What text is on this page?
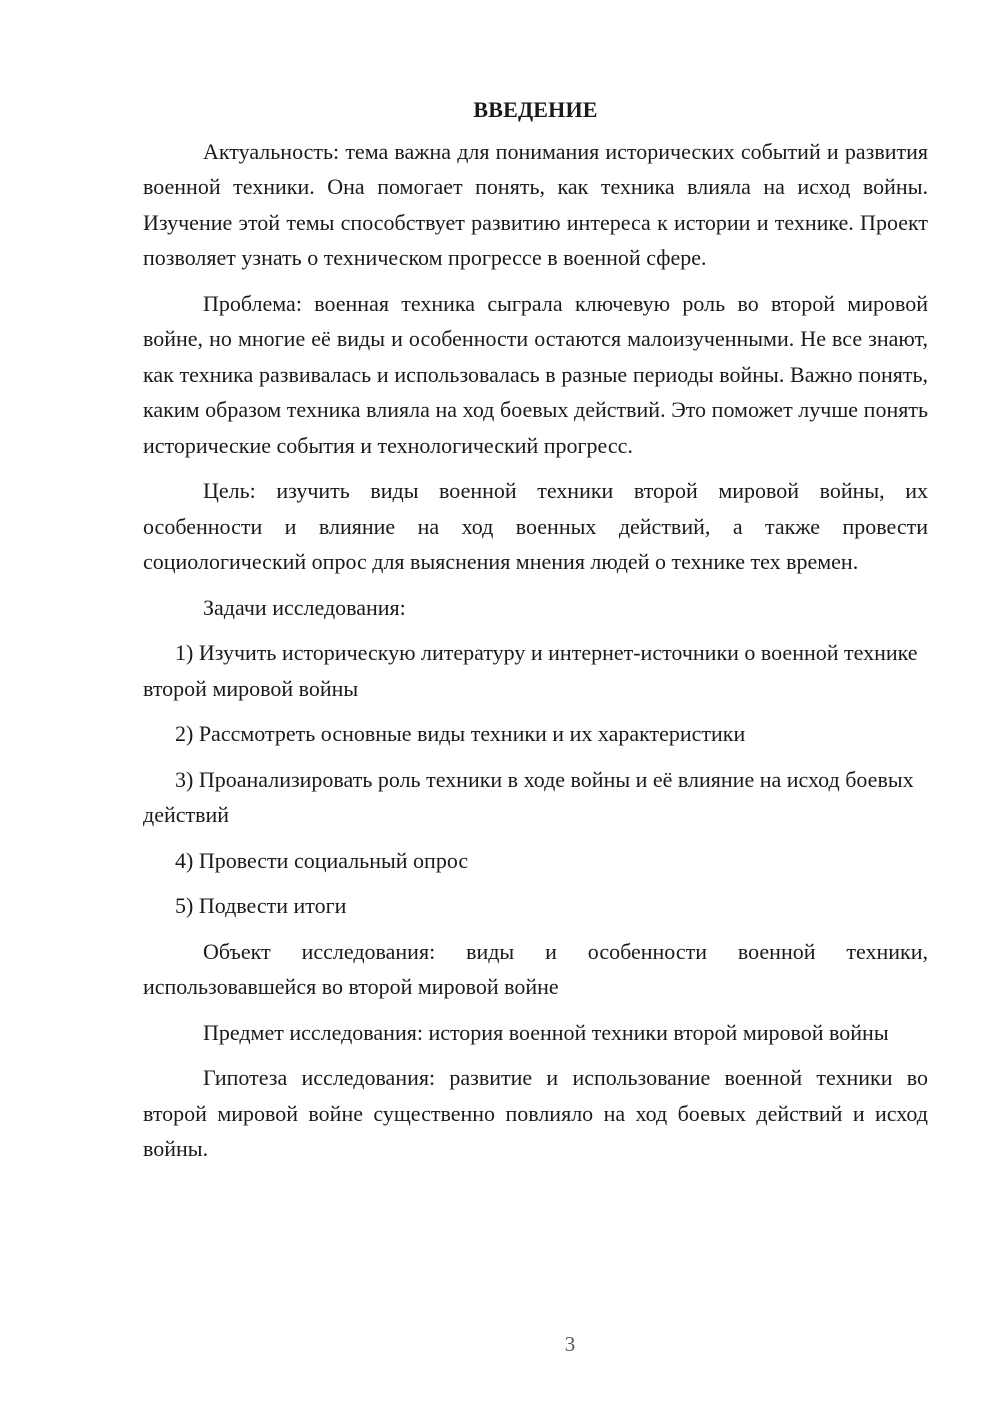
ВВЕДЕНИЕ

Актуальность: тема важна для понимания исторических событий и развития военной техники. Она помогает понять, как техника влияла на исход войны. Изучение этой темы способствует развитию интереса к истории и технике. Проект позволяет узнать о техническом прогрессе в военной сфере.

Проблема: военная техника сыграла ключевую роль во второй мировой войне, но многие её виды и особенности остаются малоизученными. Не все знают, как техника развивалась и использовалась в разные периоды войны. Важно понять, каким образом техника влияла на ход боевых действий. Это поможет лучше понять исторические события и технологический прогресс.

Цель: изучить виды военной техники второй мировой войны, их особенности и влияние на ход военных действий, а также провести социологический опрос для выяснения мнения людей о технике тех времен.

Задачи исследования:

1) Изучить историческую литературу и интернет-источники о военной технике второй мировой войны

2) Рассмотреть основные виды техники и их характеристики

3) Проанализировать роль техники в ходе войны и её влияние на исход боевых действий

4) Провести социальный опрос

5) Подвести итоги

Объект исследования: виды и особенности военной техники, использовавшейся во второй мировой войне

Предмет исследования: история военной техники второй мировой войны

Гипотеза исследования: развитие и использование военной техники во второй мировой войне существенно повлияло на ход боевых действий и исход войны.

3
